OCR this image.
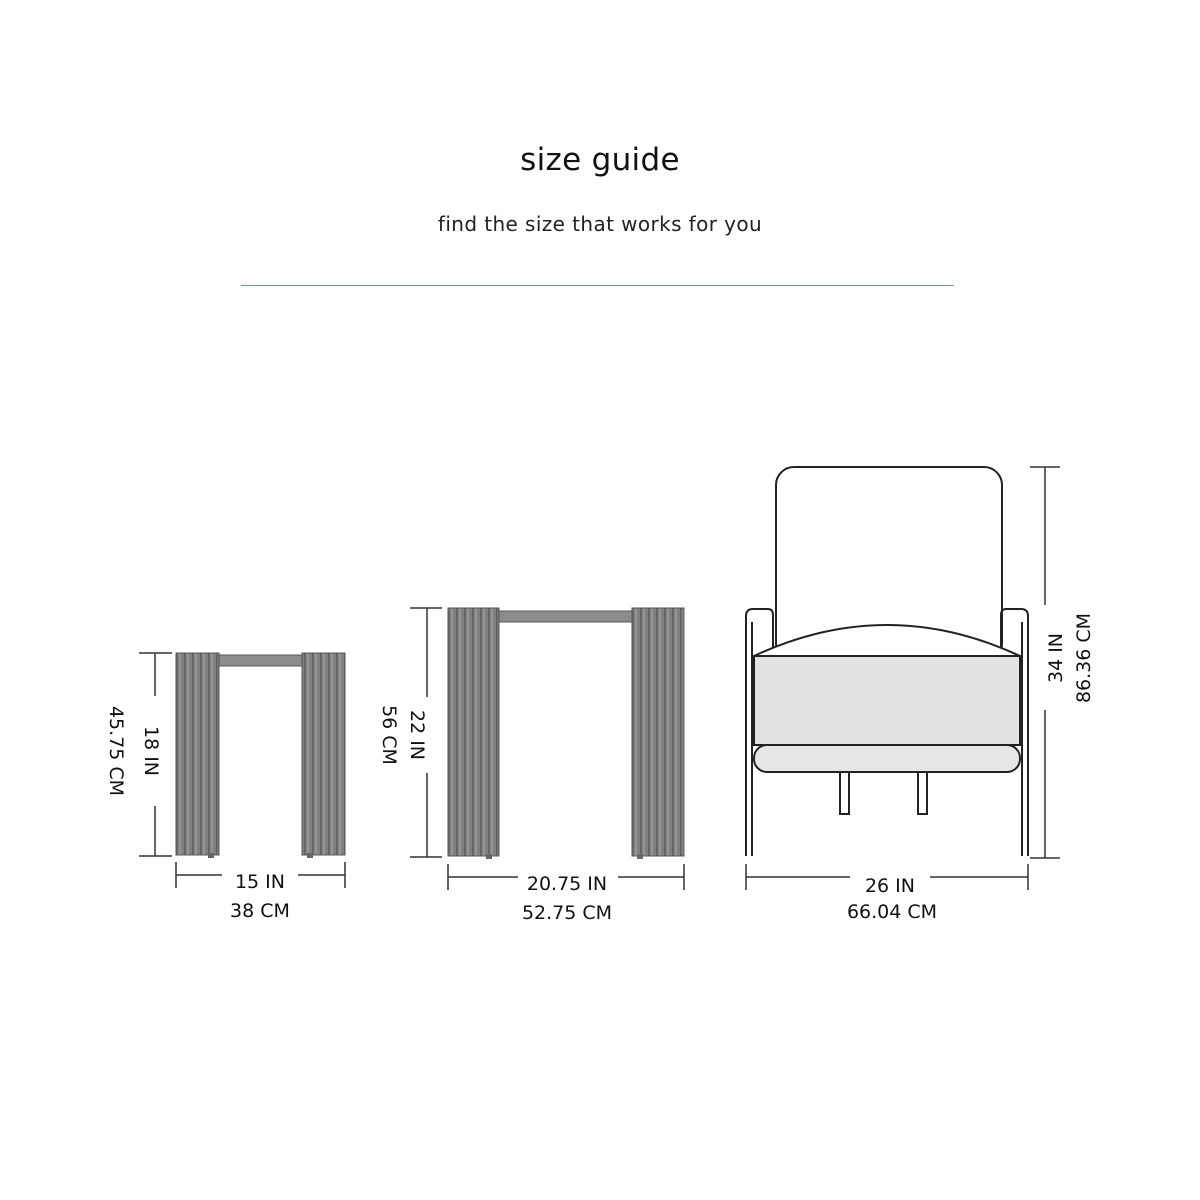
size guide
find the size that works for you
18 IN
45.75 CM
15 IN
38 CM
22 IN
56 CM
20.75 IN
52.75 CM
34 IN 86.36 CM
26 IN
66.04 CM
